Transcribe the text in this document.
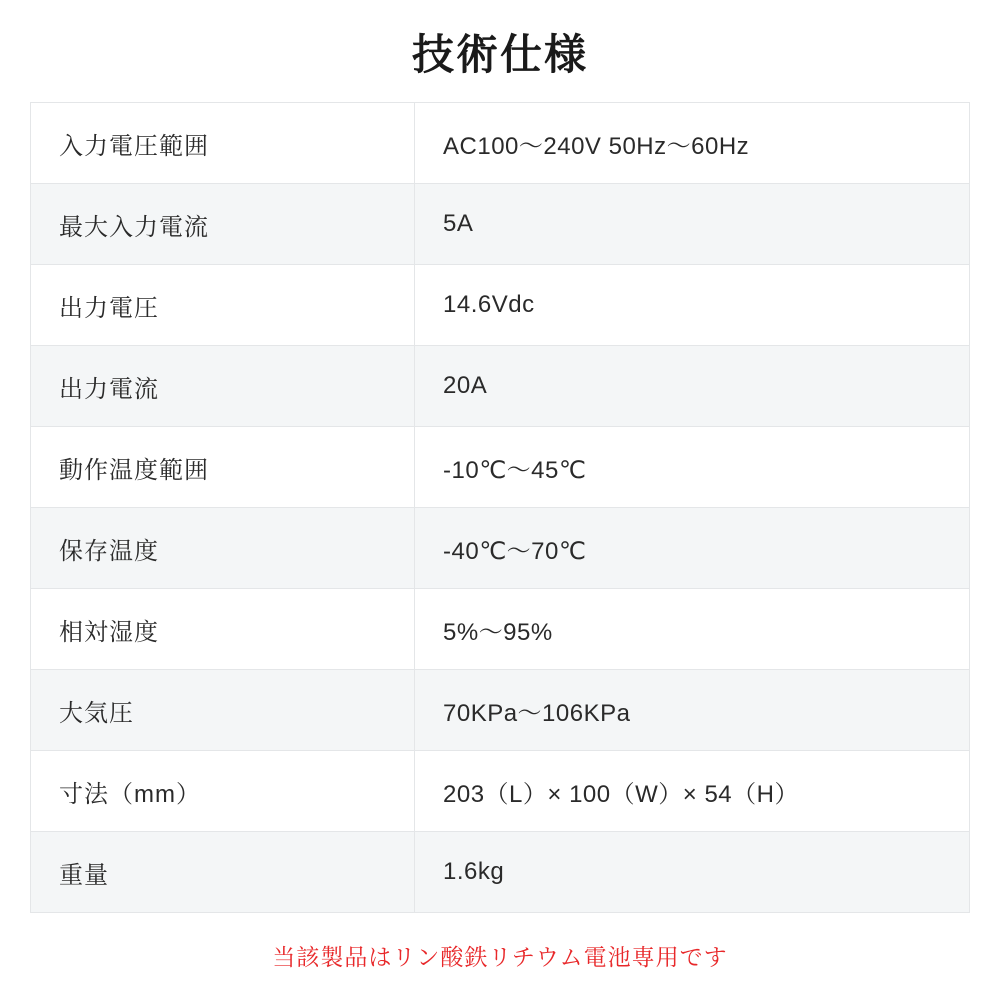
技術仕様
入力電圧範囲	AC100〜240V 50Hz〜60Hz
最大入力電流	5A
出力電圧	14.6Vdc
出力電流	20A
動作温度範囲	-10℃〜45℃
保存温度	-40℃〜70℃
相対湿度	5%〜95%
大気圧	70KPa〜106KPa
寸法（mm）	203（L）× 100（W）× 54（H）
重量	1.6kg
当該製品はリン酸鉄リチウム電池専用です
